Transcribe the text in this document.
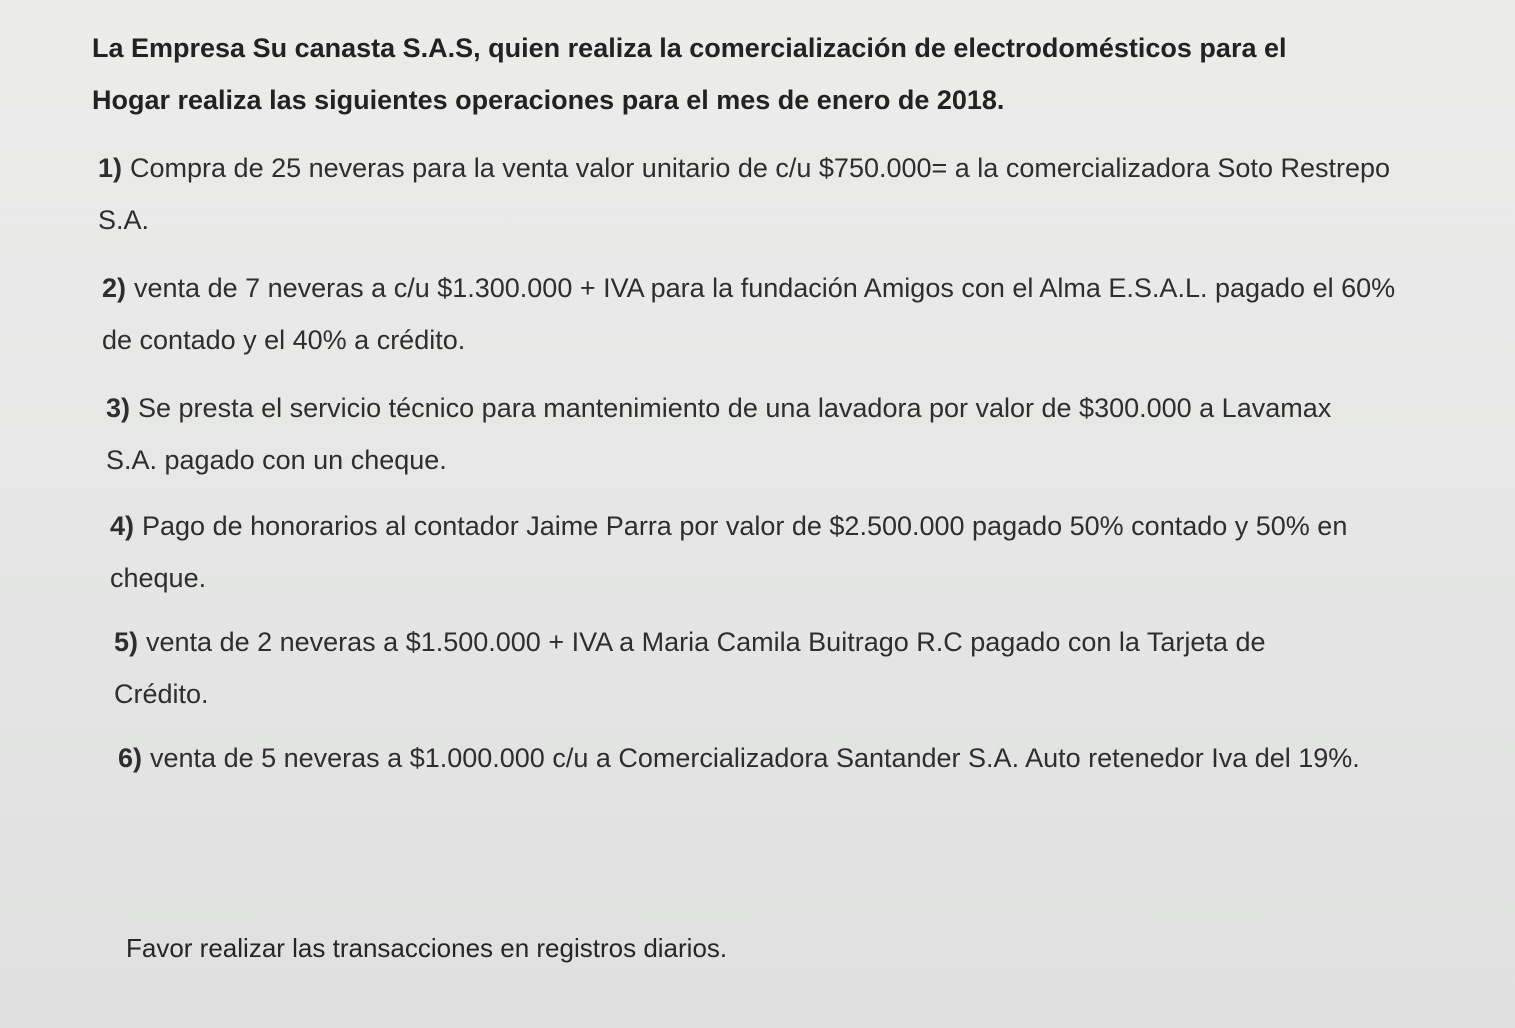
La Empresa Su canasta S.A.S, quien realiza la comercialización de electrodomésticos para el Hogar realiza las siguientes operaciones para el mes de enero de 2018.

1) Compra de 25 neveras para la venta valor unitario de c/u $750.000= a la comercializadora Soto Restrepo S.A.

2) venta de 7 neveras a c/u $1.300.000 + IVA para la fundación Amigos con el Alma E.S.A.L. pagado el 60% de contado y el 40% a crédito.

3) Se presta el servicio técnico para mantenimiento de una lavadora por valor de $300.000 a Lavamax S.A. pagado con un cheque.

4) Pago de honorarios al contador Jaime Parra por valor de $2.500.000 pagado 50% contado y 50% en cheque.

5) venta de 2 neveras a $1.500.000 + IVA a Maria Camila Buitrago R.C pagado con la Tarjeta de Crédito.

6) venta de 5 neveras a $1.000.000 c/u a Comercializadora Santander S.A. Auto retenedor Iva del 19%.

Favor realizar las transacciones en registros diarios.
